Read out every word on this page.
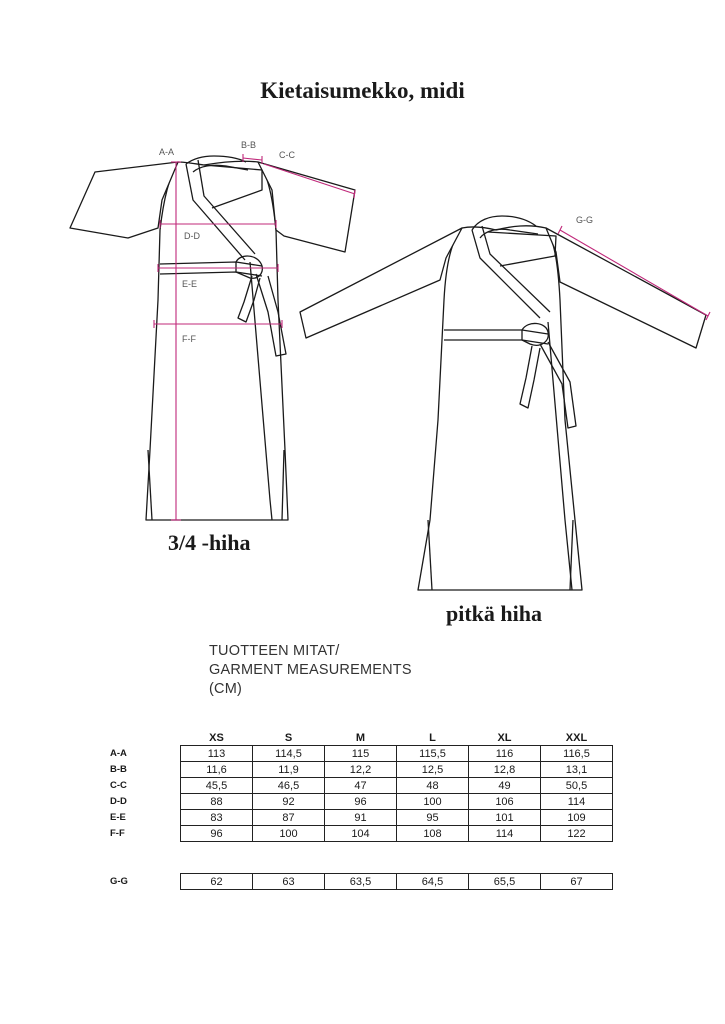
Kietaisumekko, midi
A-A
B-B
C-C
D-D
E-E
F-F
G-G
3/4 -hiha
pitkä hiha
TUOTTEEN MITAT/
GARMENT MEASUREMENTS
(CM)
	XS	S	M	L	XL	XXL
A-A	113	114,5	115	115,5	116	116,5
B-B	11,6	11,9	12,2	12,5	12,8	13,1
C-C	45,5	46,5	47	48	49	50,5
D-D	88	92	96	100	106	114
E-E	83	87	91	95	101	109
F-F	96	100	104	108	114	122
G-G	62	63	63,5	64,5	65,5	67
